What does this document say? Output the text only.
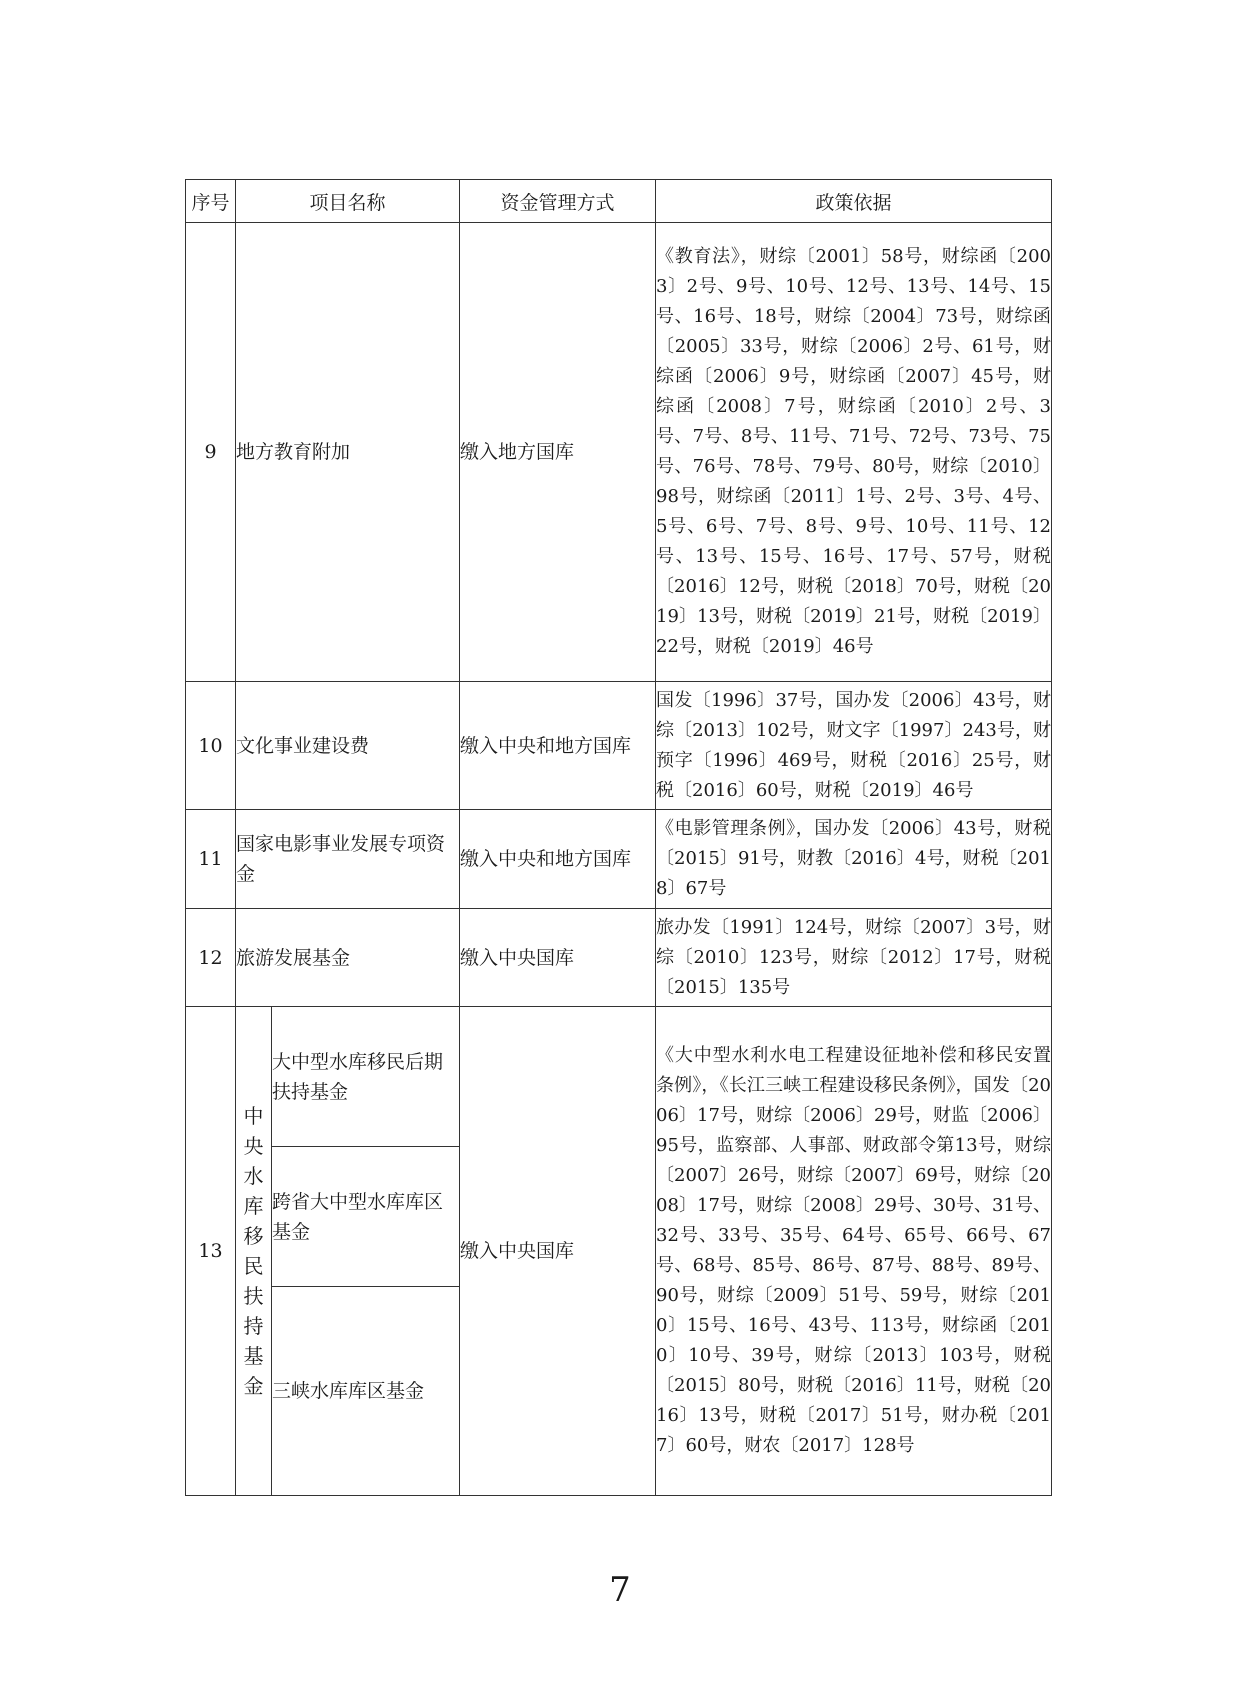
序号	项目名称		资金管理方式	政策依据
9	地方教育附加		缴入地方国库	《教育法》，财综〔2001〕58号，财综函〔2003〕2号、9号、10号、12号、13号、14号、15号、16号、18号，财综〔2004〕73号，财综函〔2005〕33号，财综〔2006〕2号、61号，财综函〔2006〕9号，财综函〔2007〕45号，财综函〔2008〕7号，财综函〔2010〕2号、3号、7号、8号、11号、71号、72号、73号、75号、76号、78号、79号、80号，财综〔2010〕98号，财综函〔2011〕1号、2号、3号、4号、5号、6号、7号、8号、9号、10号、11号、12号、13号、15号、16号、17号、57号，财税〔2016〕12号，财税〔2018〕70号，财税〔2019〕13号，财税〔2019〕21号，财税〔2019〕22号，财税〔2019〕46号
10	文化事业建设费		缴入中央和地方国库	国发〔1996〕37号，国办发〔2006〕43号，财综〔2013〕102号，财文字〔1997〕243号，财预字〔1996〕469号，财税〔2016〕25号，财税〔2016〕60号，财税〔2019〕46号
11	国家电影事业发展专项资金		缴入中央和地方国库	《电影管理条例》，国办发〔2006〕43号，财税〔2015〕91号，财教〔2016〕4号，财税〔2018〕67号
12	旅游发展基金		缴入中央国库	旅办发〔1991〕124号，财综〔2007〕3号，财综〔2010〕123号，财综〔2012〕17号，财税〔2015〕135号
13	中央水库移民扶持基金	大中型水库移民后期扶持基金	缴入中央国库	《大中型水利水电工程建设征地补偿和移民安置条例》，《长江三峡工程建设移民条例》，国发〔2006〕17号，财综〔2006〕29号，财监〔2006〕95号，监察部、人事部、财政部令第13号，财综〔2007〕26号，财综〔2007〕69号，财综〔2008〕17号，财综〔2008〕29号、30号、31号、32号、33号、35号、64号、65号、66号、67号、68号、85号、86号、87号、88号、89号、90号，财综〔2009〕51号、59号，财综〔2010〕15号、16号、43号、113号，财综函〔2010〕10号、39号，财综〔2013〕103号，财税〔2015〕80号，财税〔2016〕11号，财税〔2016〕13号，财税〔2017〕51号，财办税〔2017〕60号，财农〔2017〕128号
		跨省大中型水库库区基金		
		三峡水库库区基金		
7
